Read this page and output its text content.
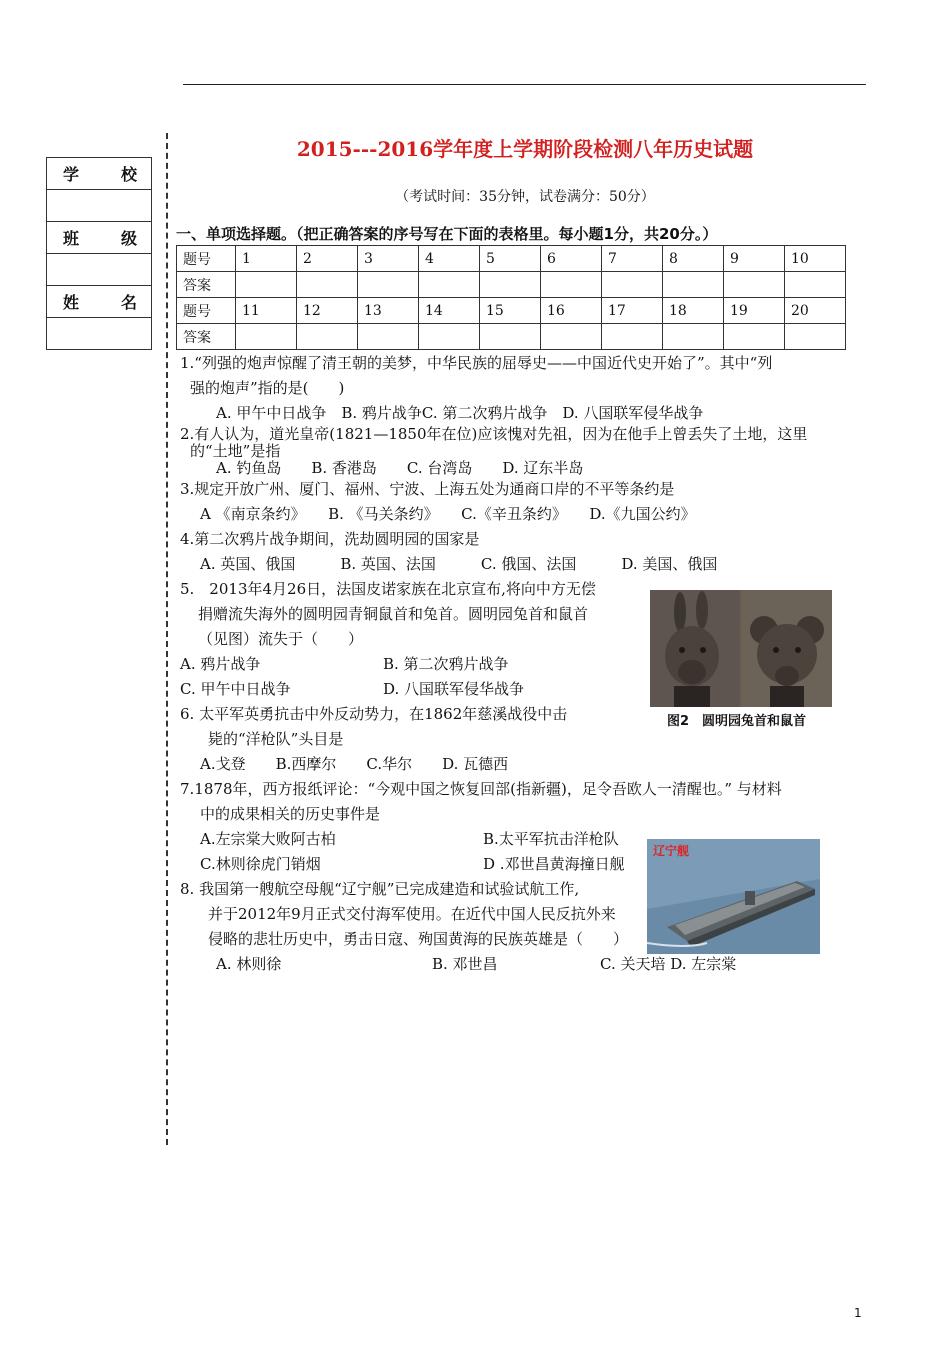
学	校

班	级

姓	名

2015---2016学年度上学期阶段检测八年历史试题
（考试时间：35分钟，试卷满分：50分）
一、单项选择题。（把正确答案的序号写在下面的表格里。每小题1分，共20分。）
题号	1	2	3	4	5	6	7	8	9	10
答案										
题号	11	12	13	14	15	16	17	18	19	20
答案										
1.“列强的炮声惊醒了清王朝的美梦，中华民族的屈辱史——中国近代史开始了”。其中“列
强的炮声”指的是(　　)
A. 甲午中日战争　B. 鸦片战争C. 第二次鸦片战争　D. 八国联军侵华战争
2.有人认为，道光皇帝(1821—1850年在位)应该愧对先祖，因为在他手上曾丢失了土地，这里
的“土地”是指
A. 钓鱼岛　　B. 香港岛　　C. 台湾岛　　D. 辽东半岛
3.规定开放广州、厦门、福州、宁波、上海五处为通商口岸的不平等条约是
A 《南京条约》　　B. 《马关条约》　　C.《辛丑条约》　　D.《九国公约》
4.第二次鸦片战争期间，洗劫圆明园的国家是
A. 英国、俄国　　　B. 英国、法国　　　C. 俄国、法国　　　D. 美国、俄国
5.　2013年4月26日，法国皮诺家族在北京宣布,将向中方无偿
捐赠流失海外的圆明园青铜鼠首和兔首。圆明园兔首和鼠首
（见图）流失于（　　）
A. 鸦片战争	B. 第二次鸦片战争
C. 甲午中日战争	D. 八国联军侵华战争
图2　圆明园兔首和鼠首
6. 太平军英勇抗击中外反动势力，在1862年慈溪战役中击
毙的“洋枪队”头目是
A.戈登　　B.西摩尔　　C.华尔　　D. 瓦德西
7.1878年，西方报纸评论：“今观中国之恢复回部(指新疆)，足令吾欧人一清醒也。” 与材料
中的成果相关的历史事件是
A.左宗棠大败阿古柏	B.太平军抗击洋枪队
C.林则徐虎门销烟	D .邓世昌黄海撞日舰
辽宁舰
8. 我国第一艘航空母舰“辽宁舰”已完成建造和试验试航工作,
并于2012年9月正式交付海军使用。在近代中国人民反抗外来
侵略的悲壮历史中，勇击日寇、殉国黄海的民族英雄是（　　）
A. 林则徐	B. 邓世昌	C. 关天培 D. 左宗棠
1
